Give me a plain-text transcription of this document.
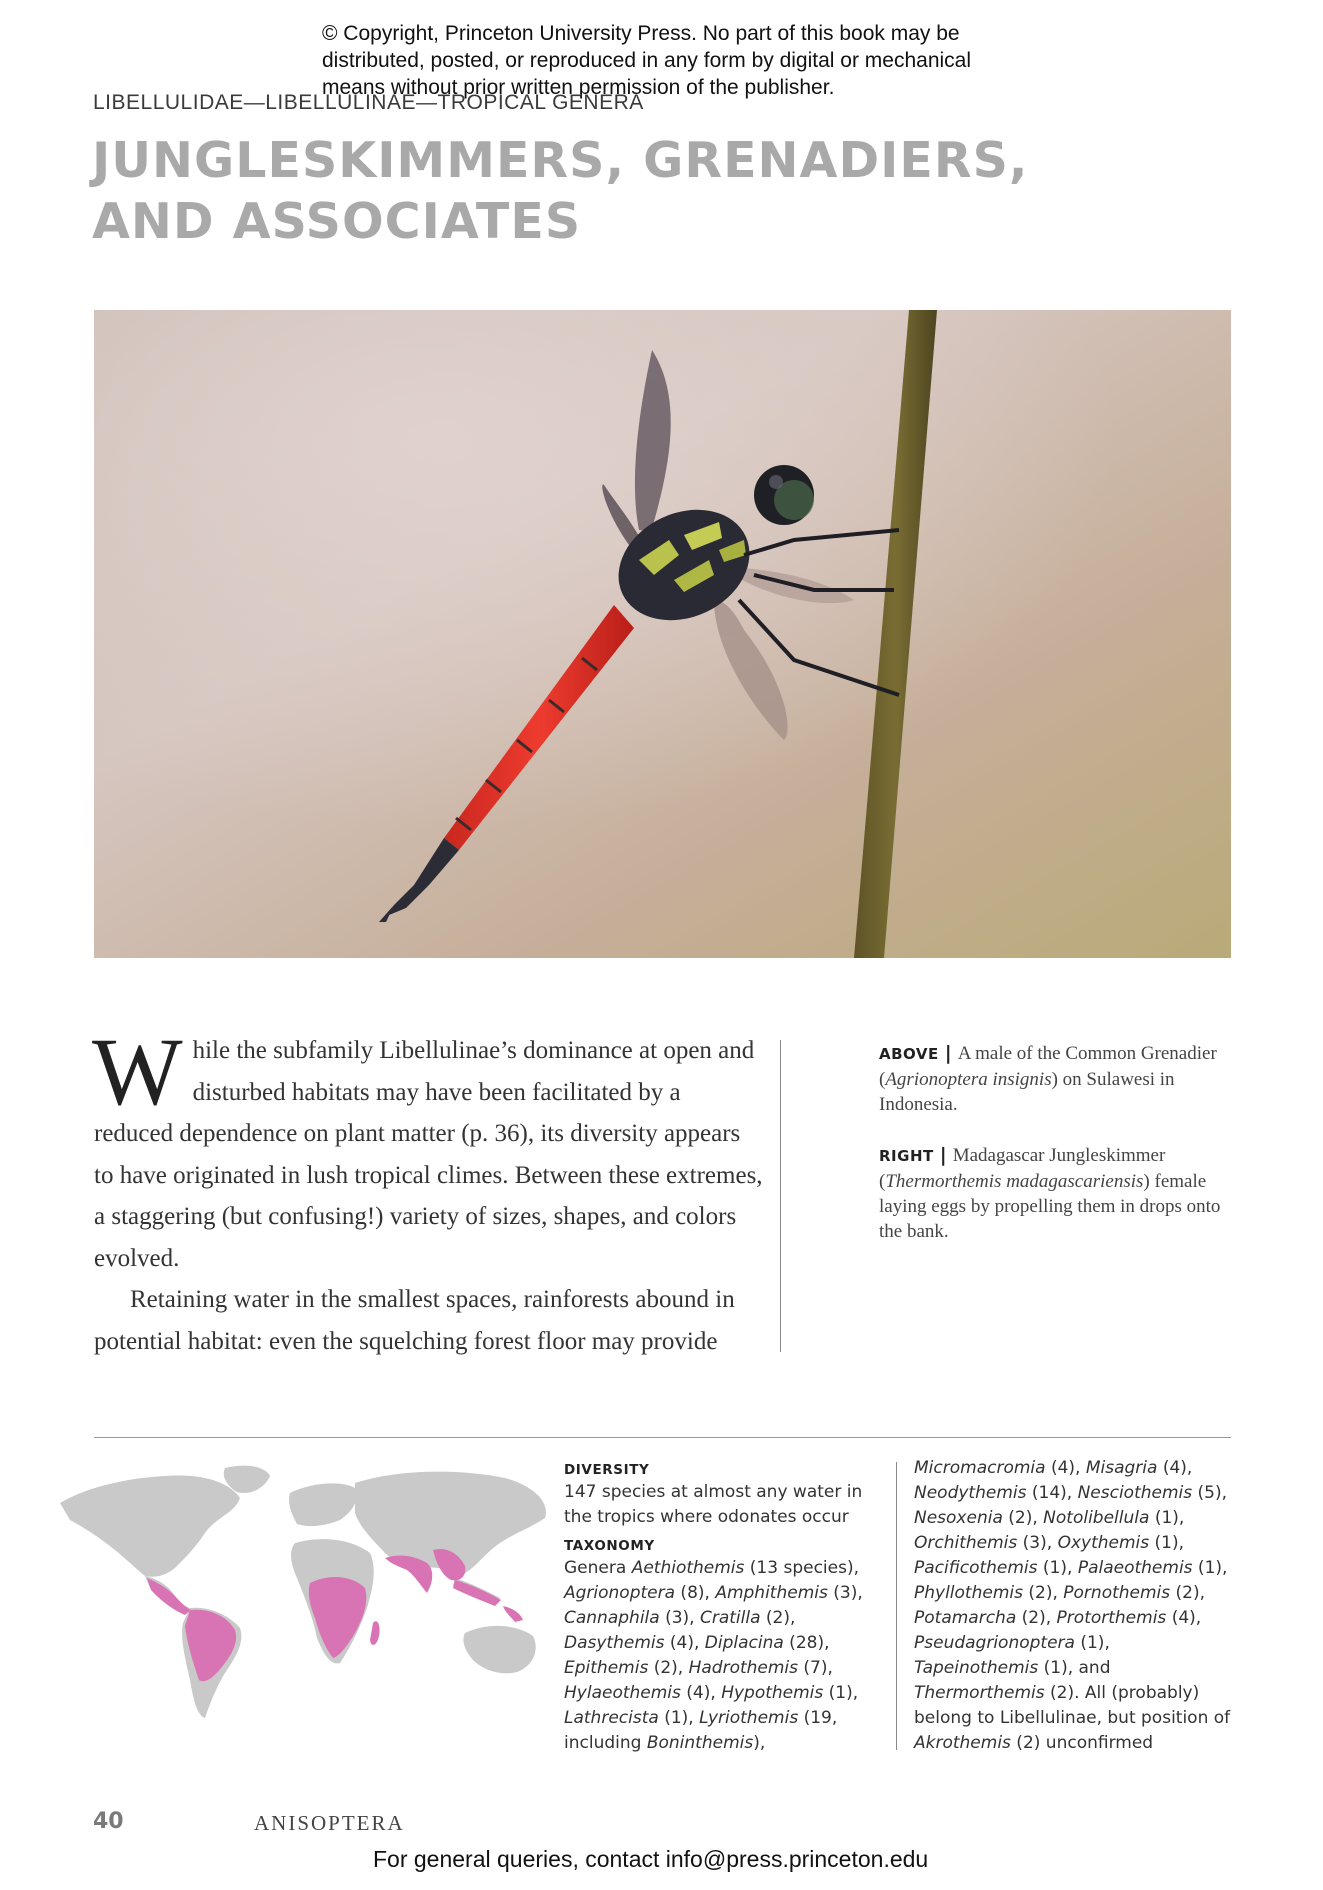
© Copyright, Princeton University Press. No part of this book may be
distributed, posted, or reproduced in any form by digital or mechanical
means without prior written permission of the publisher.
LIBELLULIDAE—LIBELLULINAE—TROPICAL GENERA
JUNGLESKIMMERS, GRENADIERS,
AND ASSOCIATES

While the subfamily Libellulinae’s dominance at open and disturbed habitats may have been facilitated by a reduced dependence on plant matter (p. 36), its diversity appears to have originated in lush tropical climes. Between these extremes, a staggering (but confusing!) variety of sizes, shapes, and colors evolved.

Retaining water in the smallest spaces, rainforests abound in potential habitat: even the squelching forest floor may provide

ABOVE | A male of the Common Grenadier (Agrionoptera insignis) on Sulawesi in Indonesia.

RIGHT | Madagascar Jungleskimmer (Thermorthemis madagascariensis) female laying eggs by propelling them in drops onto the bank.

DIVERSITY

147 species at almost any water in the tropics where odonates occur

TAXONOMY

Genera Aethiothemis (13 species), Agrionoptera (8), Amphithemis (3), Cannaphila (3), Cratilla (2), Dasythemis (4), Diplacina (28), Epithemis (2), Hadrothemis (7), Hylaeothemis (4), Hypothemis (1), Lathrecista (1), Lyriothemis (19, including Boninthemis),

Micromacromia (4), Misagria (4), Neodythemis (14), Nesciothemis (5), Nesoxenia (2), Notolibellula (1), Orchithemis (3), Oxythemis (1), Pacificothemis (1), Palaeothemis (1), Phyllothemis (2), Pornothemis (2), Potamarcha (2), Protorthemis (4), Pseudagrionoptera (1), Tapeinothemis (1), and Thermorthemis (2). All (probably) belong to Libellulinae, but position of Akrothemis (2) unconfirmed

40	ANISOPTERA
For general queries, contact info@press.princeton.edu
